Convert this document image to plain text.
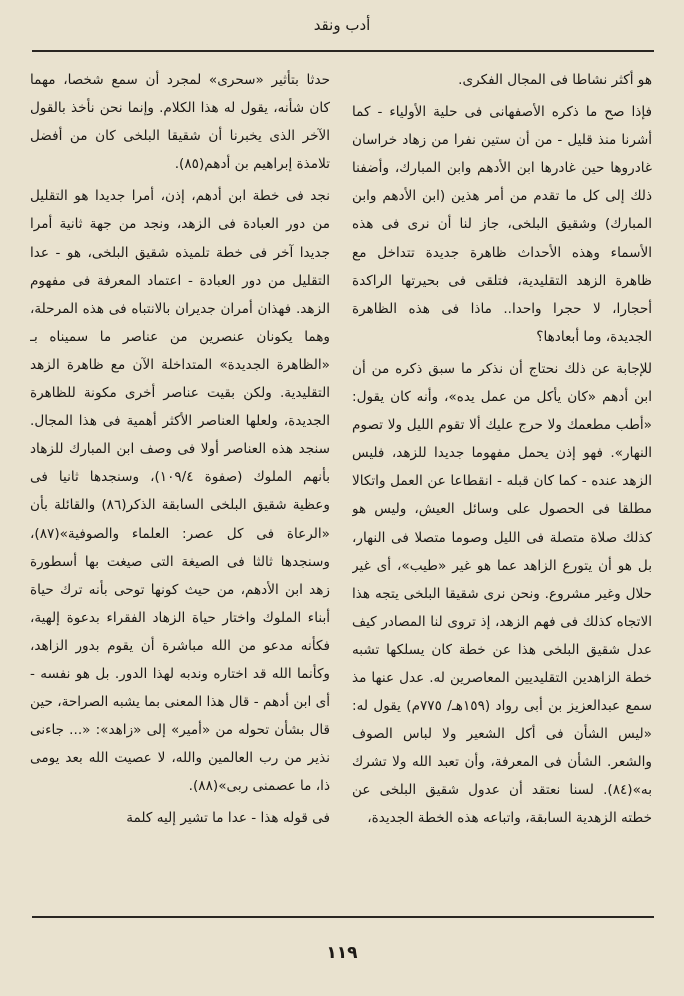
أدب ونقد

هو أكثر نشاطا فى المجال الفكرى.

فإذا صح ما ذكره الأصفهانى فى حلية الأولياء - كما أشرنا منذ قليل - من أن ستين نفرا من زهاد خراسان غادروها حين غادرها ابن الأدهم وابن المبارك، وأضفنا ذلك إلى كل ما تقدم من أمر هذين (ابن الأدهم وابن المبارك) وشقيق البلخى، جاز لنا أن نرى فى هذه الأسماء وهذه الأحداث ظاهرة جديدة تتداخل مع ظاهرة الزهد التقليدية، فتلقى فى بحيرتها الراكدة أحجارا، لا حجرا واحدا.. ماذا فى هذه الظاهرة الجديدة، وما أبعادها؟

للإجابة عن ذلك نحتاج أن نذكر ما سبق ذكره من أن ابن أدهم «كان يأكل من عمل يده»، وأنه كان يقول: «أطب مطعمك ولا حرج عليك ألا تقوم الليل ولا تصوم النهار». فهو إذن يحمل مفهوما جديدا للزهد، فليس الزهد عنده - كما كان قبله - انقطاعا عن العمل واتكالا مطلقا فى الحصول على وسائل العيش، وليس هو كذلك صلاة متصلة فى الليل وصوما متصلا فى النهار، بل هو أن يتورع الزاهد عما هو غير «طيب»، أى غير حلال وغير مشروع. ونحن نرى شقيقا البلخى يتجه هذا الاتجاه كذلك فى فهم الزهد، إذ تروى لنا المصادر كيف عدل شقيق البلخى هذا عن خطة كان يسلكها تشبه خطة الزاهدين التقليديين المعاصرين له. عدل عنها مذ سمع عبدالعزيز بن أبى رواد (١٥٩هـ/ ٧٧٥م) يقول له: «ليس الشأن فى أكل الشعير ولا لباس الصوف والشعر. الشأن فى المعرفة، وأن تعبد الله ولا تشرك به»(٨٤). لسنا نعتقد أن عدول شقيق البلخى عن خطته الزهدية السابقة، واتباعه هذه الخطة الجديدة،

حدثا بتأثير «سحرى» لمجرد أن سمع شخصا، مهما كان شأنه، يقول له هذا الكلام. وإنما نحن نأخذ بالقول الآخر الذى يخبرنا أن شقيقا البلخى كان من أفضل تلامذة إبراهيم بن أدهم(٨٥).

نجد فى خطة ابن أدهم، إذن، أمرا جديدا هو التقليل من دور العبادة فى الزهد، ونجد من جهة ثانية أمرا جديدا آخر فى خطة تلميذه شقيق البلخى، هو - عدا التقليل من دور العبادة - اعتماد المعرفة فى مفهوم الزهد. فهذان أمران جديران بالانتباه فى هذه المرحلة، وهما يكونان عنصرين من عناصر ما سميناه بـ «الظاهرة الجديدة» المتداخلة الآن مع ظاهرة الزهد التقليدية. ولكن بقيت عناصر أخرى مكونة للظاهرة الجديدة، ولعلها العناصر الأكثر أهمية فى هذا المجال. سنجد هذه العناصر أولا فى وصف ابن المبارك للزهاد بأنهم الملوك (صفوة ١٠٩/٤)، وسنجدها ثانيا فى وعظية شقيق البلخى السابقة الذكر(٨٦) والقائلة بأن «الرعاة فى كل عصر: العلماء والصوفية»(٨٧)، وسنجدها ثالثا فى الصيغة التى صيغت بها أسطورة زهد ابن الأدهم، من حيث كونها توحى بأنه ترك حياة أبناء الملوك واختار حياة الزهاد الفقراء بدعوة إلهية، فكأنه مدعو من الله مباشرة أن يقوم بدور الزاهد، وكأنما الله قد اختاره وندبه لهذا الدور. بل هو نفسه - أى ابن أدهم - قال هذا المعنى بما يشبه الصراحة، حين قال بشأن تحوله من «أمير» إلى «زاهد»: «... جاءنى نذير من رب العالمين والله، لا عصيت الله بعد يومى ذا، ما عصمنى ربى»(٨٨).

فى قوله هذا - عدا ما تشير إليه كلمة

١١٩
